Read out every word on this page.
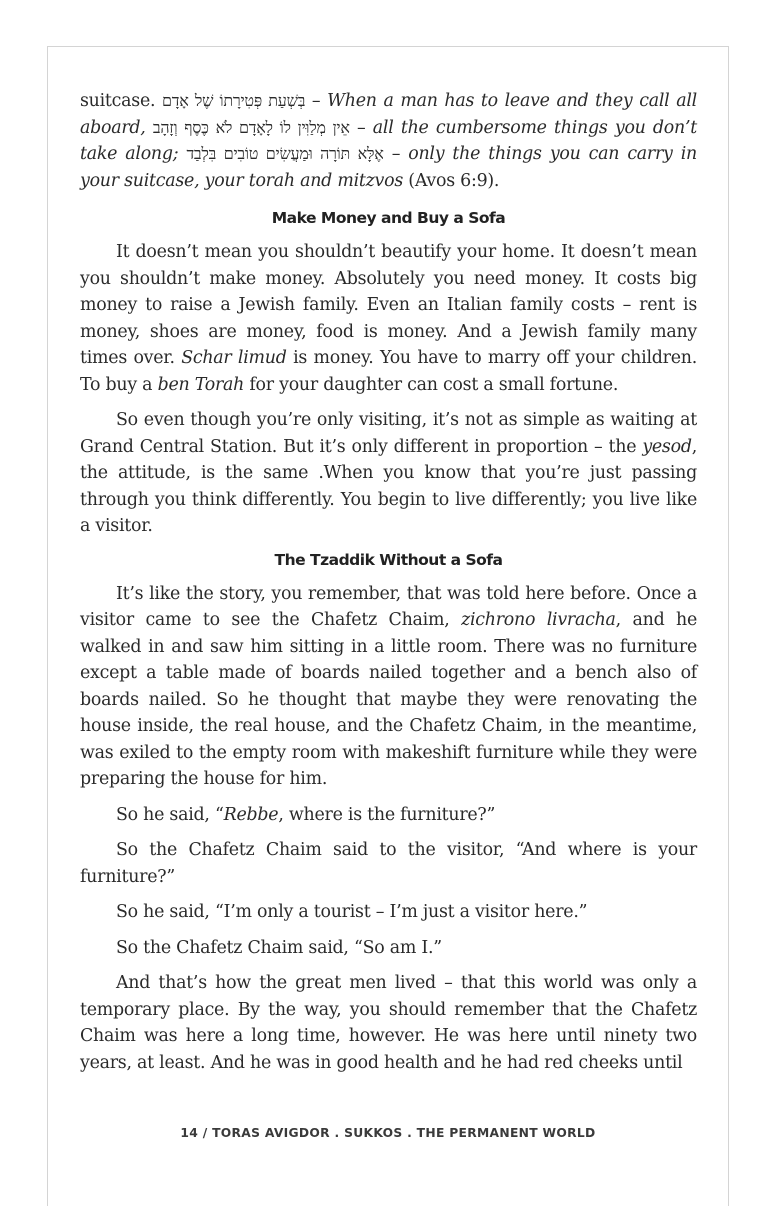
suitcase. בְּשְׁעַת פְּטִירָתוֹ שֶׁל אָדָם – When a man has to leave and they call all aboard, אֵין מְלַוִּין לוֹ לָאָדָם לֹא כֶּסֶף וְזָהָב – all the cumbersome things you don’t take along; אֶלָּא תּוֹרָה וּמַעֲשִׂים טוֹבִים בִּלְבַד – only the things you can carry in your suitcase, your torah and mitzvos (Avos 6:9).

Make Money and Buy a Sofa

It doesn’t mean you shouldn’t beautify your home. It doesn’t mean you shouldn’t make money. Absolutely you need money. It costs big money to raise a Jewish family. Even an Italian family costs – rent is money, shoes are money, food is money. And a Jewish family many times over. Schar limud is money. You have to marry off your children. To buy a ben Torah for your daughter can cost a small fortune.

So even though you’re only visiting, it’s not as simple as waiting at Grand Central Station. But it’s only different in proportion – the yesod, the attitude, is the same .When you know that you’re just passing through you think differently. You begin to live differently; you live like a visitor.

The Tzaddik Without a Sofa

It’s like the story, you remember, that was told here before. Once a visitor came to see the Chafetz Chaim, zichrono livracha, and he walked in and saw him sitting in a little room. There was no furniture except a table made of boards nailed together and a bench also of boards nailed. So he thought that maybe they were renovating the house inside, the real house, and the Chafetz Chaim, in the meantime, was exiled to the empty room with makeshift furniture while they were preparing the house for him.

So he said, “Rebbe, where is the furniture?”

So the Chafetz Chaim said to the visitor, “And where is your furniture?”

So he said, “I’m only a tourist – I’m just a visitor here.”

So the Chafetz Chaim said, “So am I.”

And that’s how the great men lived – that this world was only a temporary place. By the way, you should remember that the Chafetz Chaim was here a long time, however. He was here until ninety two years, at least. And he was in good health and he had red cheeks until

14 / TORAS AVIGDOR . SUKKOS . THE PERMANENT WORLD
